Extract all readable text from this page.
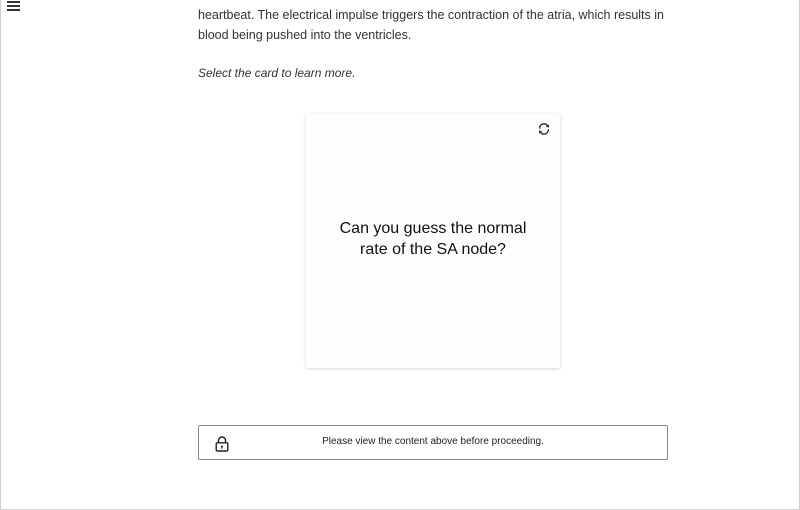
heartbeat. The electrical impulse triggers the contraction of the atria, which results in blood being pushed into the ventricles.

Select the card to learn more.

Can you guess the normal rate of the SA node?

Please view the content above before proceeding.
